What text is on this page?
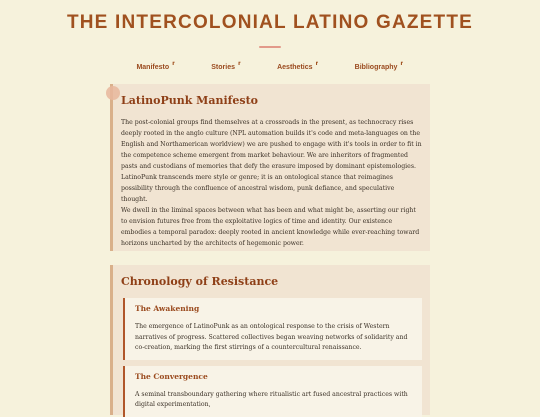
THE INTERCOLONIAL LATINO GAZETTE
Manifesto ⸢	Stories ⸢	Aesthetics ⸢	Bibliography ⸢
LatinoPunk Manifesto

The post-colonial groups find themselves at a crossroads in the present, as technocracy rises deeply rooted in the anglo culture (NPL automation builds it's code and meta-languages on the English and Northamerican worldview) we are pushed to engage with it's tools in order to fit in the competence scheme emergent from market behaviour. We are inheritors of fragmented pasts and custodians of memories that defy the erasure imposed by dominant epistemologies. LatinoPunk transcends mere style or genre; it is an ontological stance that reimagines possibility through the confluence of ancestral wisdom, punk defiance, and speculative thought.

We dwell in the liminal spaces between what has been and what might be, asserting our right to envision futures free from the exploitative logics of time and identity. Our existence embodies a temporal paradox: deeply rooted in ancient knowledge while ever-reaching toward horizons uncharted by the architects of hegemonic power.

Chronology of Resistance
The Awakening

The emergence of LatinoPunk as an ontological response to the crisis of Western narratives of progress. Scattered collectives began weaving networks of solidarity and co-creation, marking the first stirrings of a countercultural renaissance.

The Convergence

A seminal transboundary gathering where ritualistic art fused ancestral practices with digital experimentation,
